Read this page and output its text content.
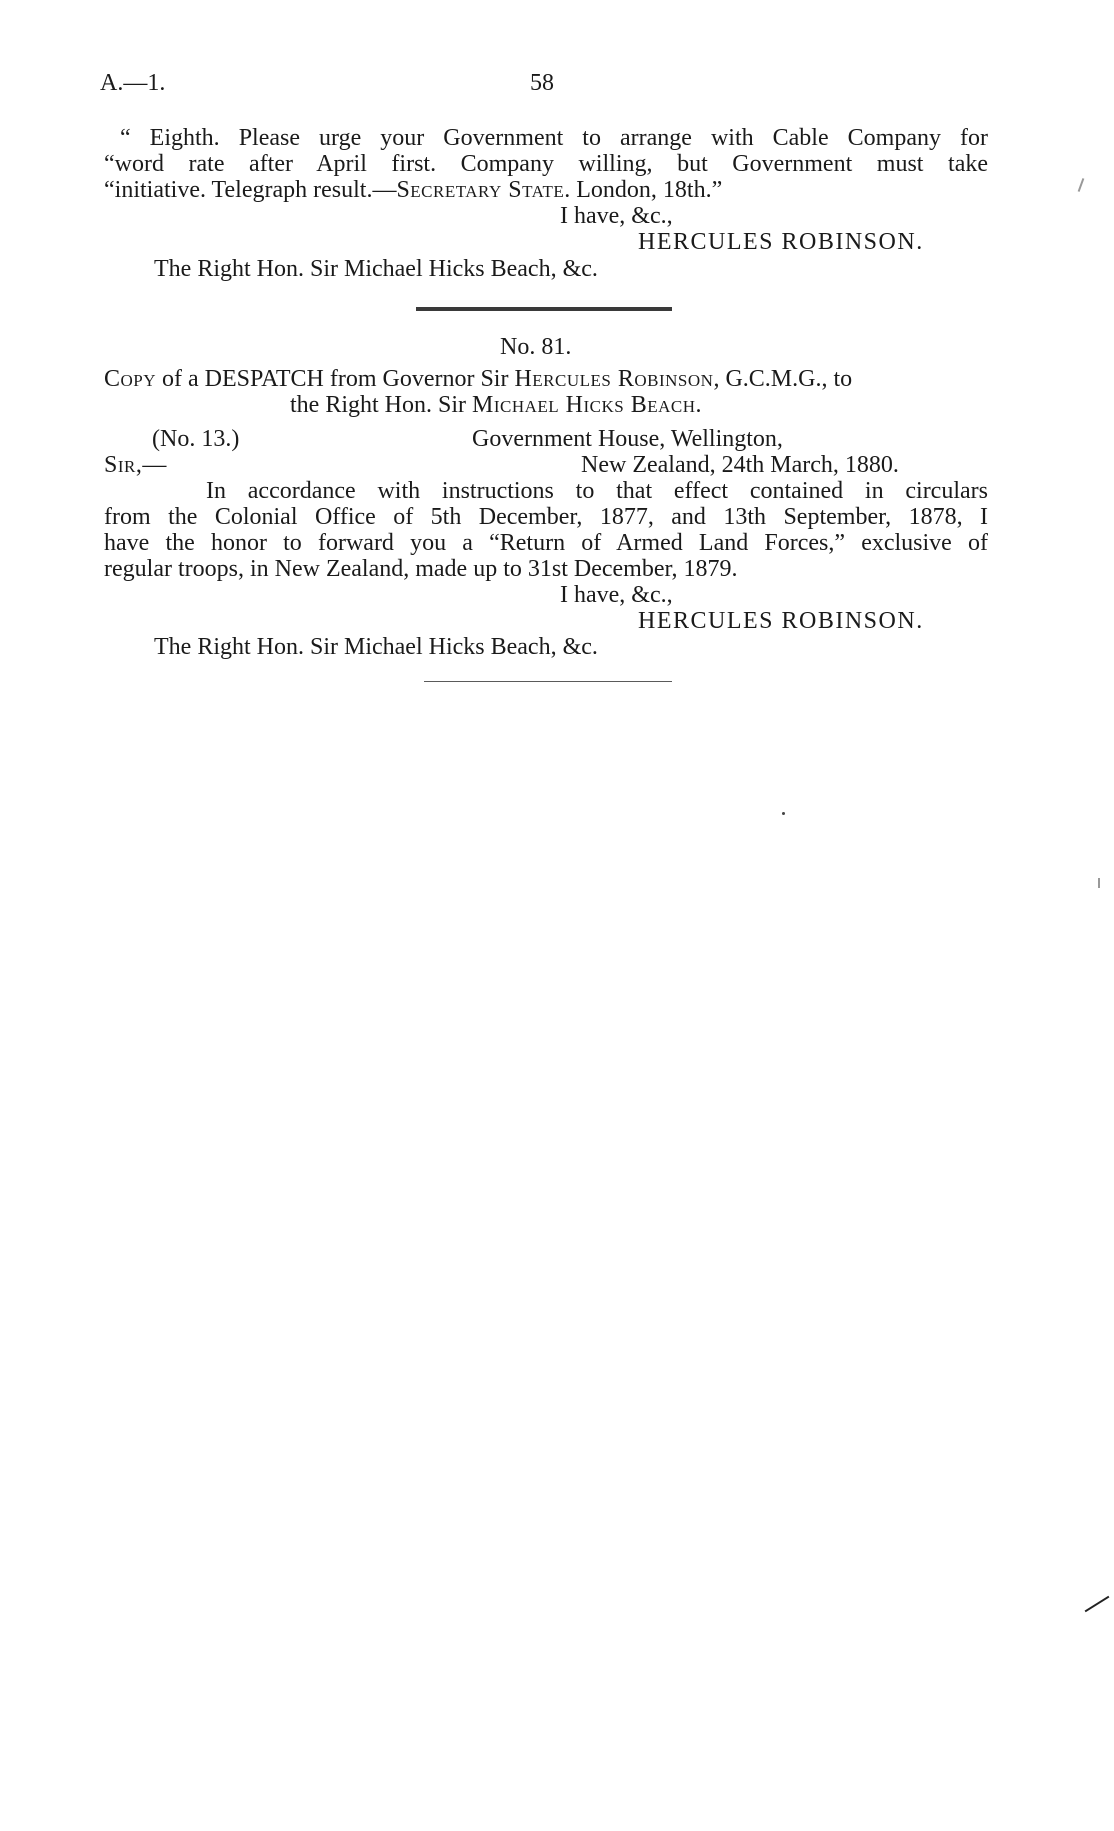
A.—1.	58
“ Eighth. Please urge your Government to arrange with Cable Company for
“word rate after April first. Company willing, but Government must take
“initiative. Telegraph result.—Secretary State. London, 18th.”
I have, &c.,
HERCULES ROBINSON.
The Right Hon. Sir Michael Hicks Beach, &c.
No. 81.
Copy of a DESPATCH from Governor Sir Hercules Robinson, G.C.M.G., to
the Right Hon. Sir Michael Hicks Beach.
(No. 13.)	Government House, Wellington,
Sir,—	New Zealand, 24th March, 1880.
In accordance with instructions to that effect contained in circulars
from the Colonial Office of 5th December, 1877, and 13th September, 1878, I
have the honor to forward you a “Return of Armed Land Forces,” exclusive of
regular troops, in New Zealand, made up to 31st December, 1879.
I have, &c.,
HERCULES ROBINSON.
The Right Hon. Sir Michael Hicks Beach, &c.
